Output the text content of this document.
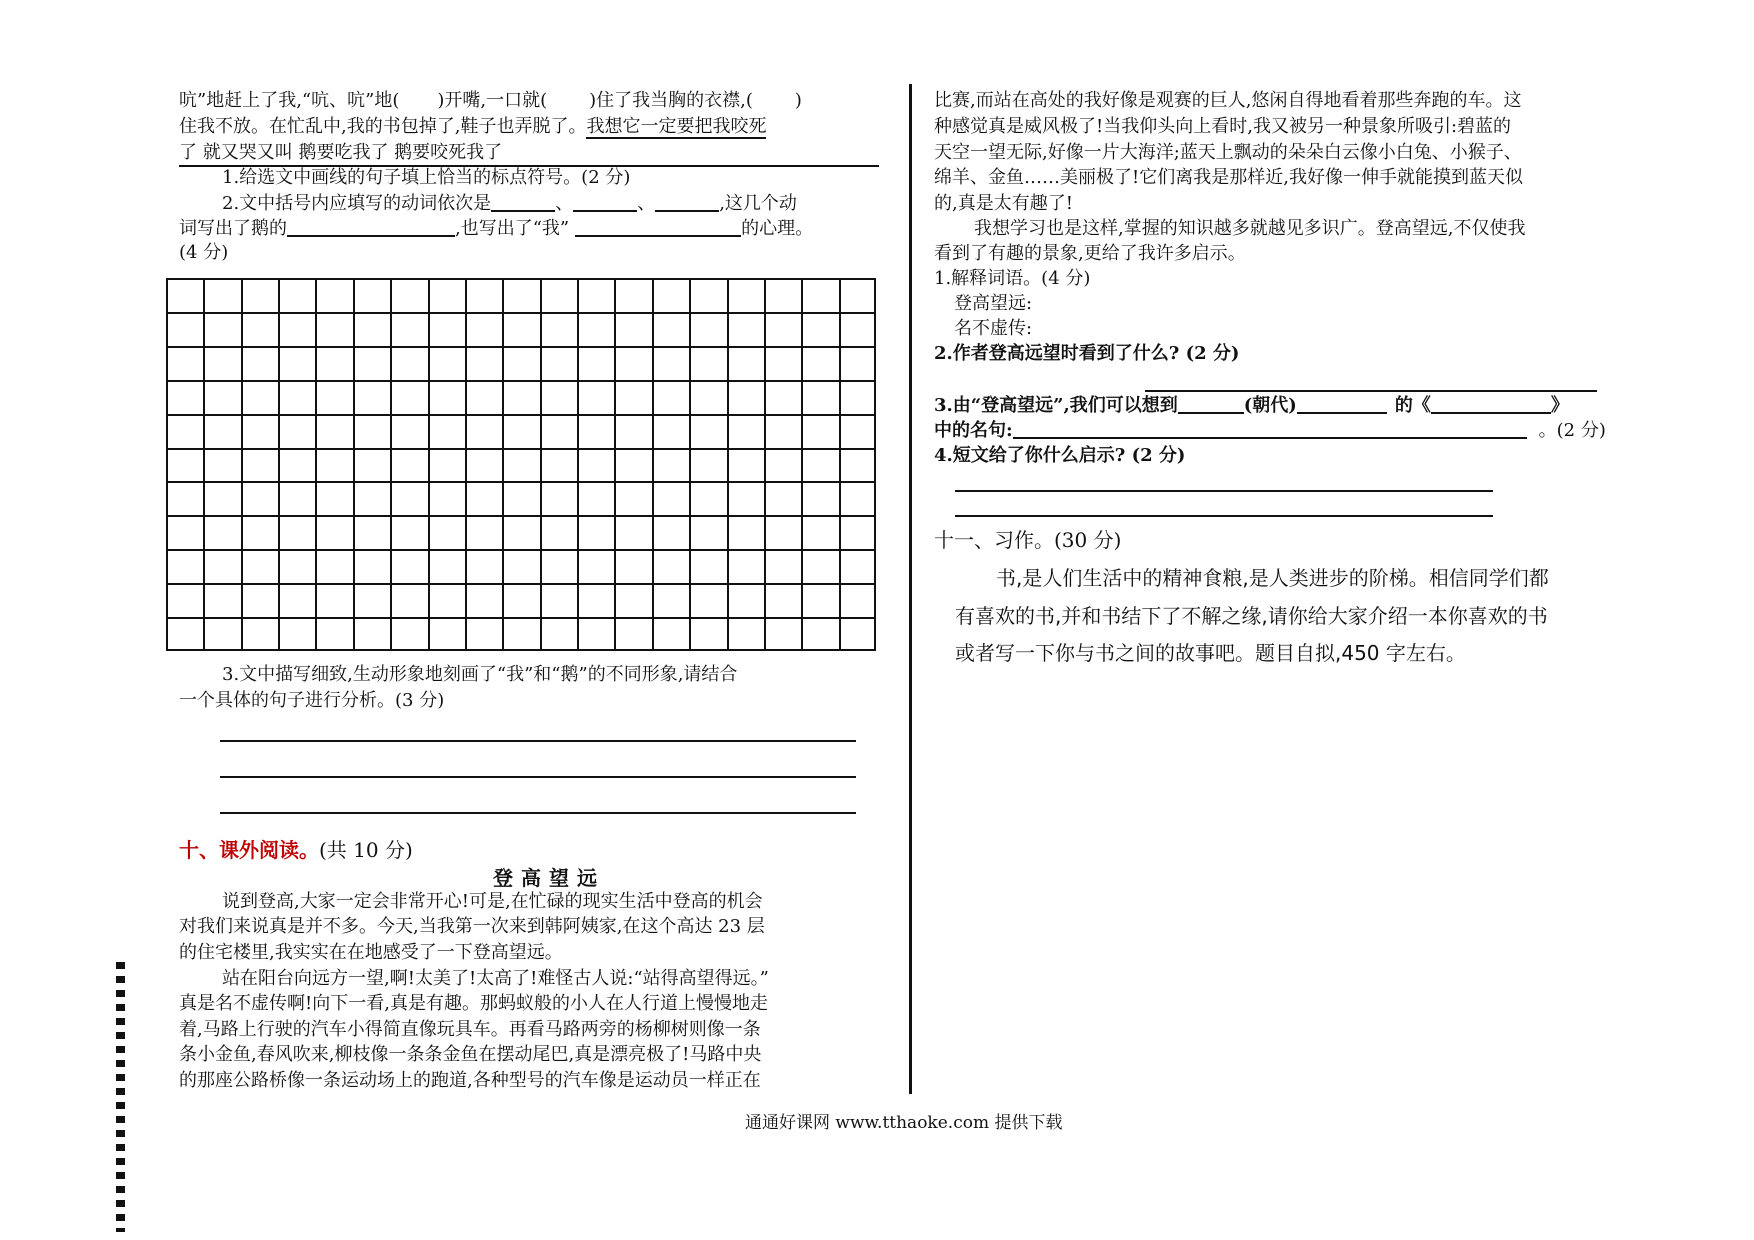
吭”地赶上了我,“吭、吭”地( )开嘴,一口就( )住了我当胸的衣襟,( )
住我不放。在忙乱中,我的书包掉了,鞋子也弄脱了。我想它一定要把我咬死
了 就又哭又叫 鹅要吃我了 鹅要咬死我了
1.给选文中画线的句子填上恰当的标点符号。(2 分)
2.文中括号内应填写的动词依次是	、	、	,这几个动
词写出了鹅的	,也写出了“我”	的心理。
(4 分)
3.文中描写细致,生动形象地刻画了“我”和“鹅”的不同形象,请结合
一个具体的句子进行分析。(3 分)
十、课外阅读。(共 10 分)
登高望远
说到登高,大家一定会非常开心!可是,在忙碌的现实生活中登高的机会
对我们来说真是并不多。今天,当我第一次来到韩阿姨家,在这个高达 23 层
的住宅楼里,我实实在在地感受了一下登高望远。
站在阳台向远方一望,啊!太美了!太高了!难怪古人说:“站得高望得远。”
真是名不虚传啊!向下一看,真是有趣。那蚂蚁般的小人在人行道上慢慢地走
着,马路上行驶的汽车小得简直像玩具车。再看马路两旁的杨柳树则像一条
条小金鱼,春风吹来,柳枝像一条条金鱼在摆动尾巴,真是漂亮极了!马路中央
的那座公路桥像一条运动场上的跑道,各种型号的汽车像是运动员一样正在
比赛,而站在高处的我好像是观赛的巨人,悠闲自得地看着那些奔跑的车。这
种感觉真是威风极了!当我仰头向上看时,我又被另一种景象所吸引:碧蓝的
天空一望无际,好像一片大海洋;蓝天上飘动的朵朵白云像小白兔、小猴子、
绵羊、金鱼……美丽极了!它们离我是那样近,我好像一伸手就能摸到蓝天似
的,真是太有趣了!
我想学习也是这样,掌握的知识越多就越见多识广。登高望远,不仅使我
看到了有趣的景象,更给了我许多启示。
1.解释词语。(4 分)
登高望远:
名不虚传:
2.作者登高远望时看到了什么? (2 分)
3.由“登高望远”,我们可以想到	(朝代)	的《	》
中的名句:	。(2 分)
4.短文给了你什么启示? (2 分)
十一、习作。(30 分)
书,是人们生活中的精神食粮,是人类进步的阶梯。相信同学们都
有喜欢的书,并和书结下了不解之缘,请你给大家介绍一本你喜欢的书
或者写一下你与书之间的故事吧。题目自拟,450 字左右。
通通好课网 www.tthaoke.com 提供下载
